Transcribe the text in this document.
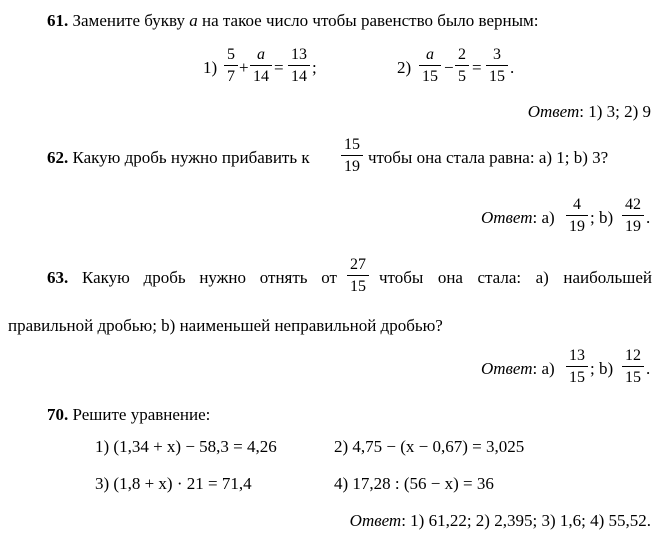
61. Замените букву a на такое число чтобы равенство было верным:
1)
5
7 +
a
14 =
13
14 ;	2)
a
15 −
2
5 =
3
15 .
Ответ: 1) 3; 2) 9
62. Какую дробь нужно прибавить к
15
19 чтобы она стала равна: a) 1; b) 3?
Ответ: a)
4
19 ; b)
42
19 .
63. Какую дробь нужно отнять от
27
15 чтобы она стала: а) наибольшей
правильной дробью; b) наименьшей неправильной дробью?
Ответ: a)
13
15 ; b)
12
15 .
70. Решите уравнение:
1) (1,34 + x) − 58,3 = 4,26	2) 4,75 − (x − 0,67) = 3,025
3) (1,8 + x) · 21 = 71,4	4) 17,28 : (56 − x) = 36
Ответ: 1) 61,22; 2) 2,395; 3) 1,6; 4) 55,52.
